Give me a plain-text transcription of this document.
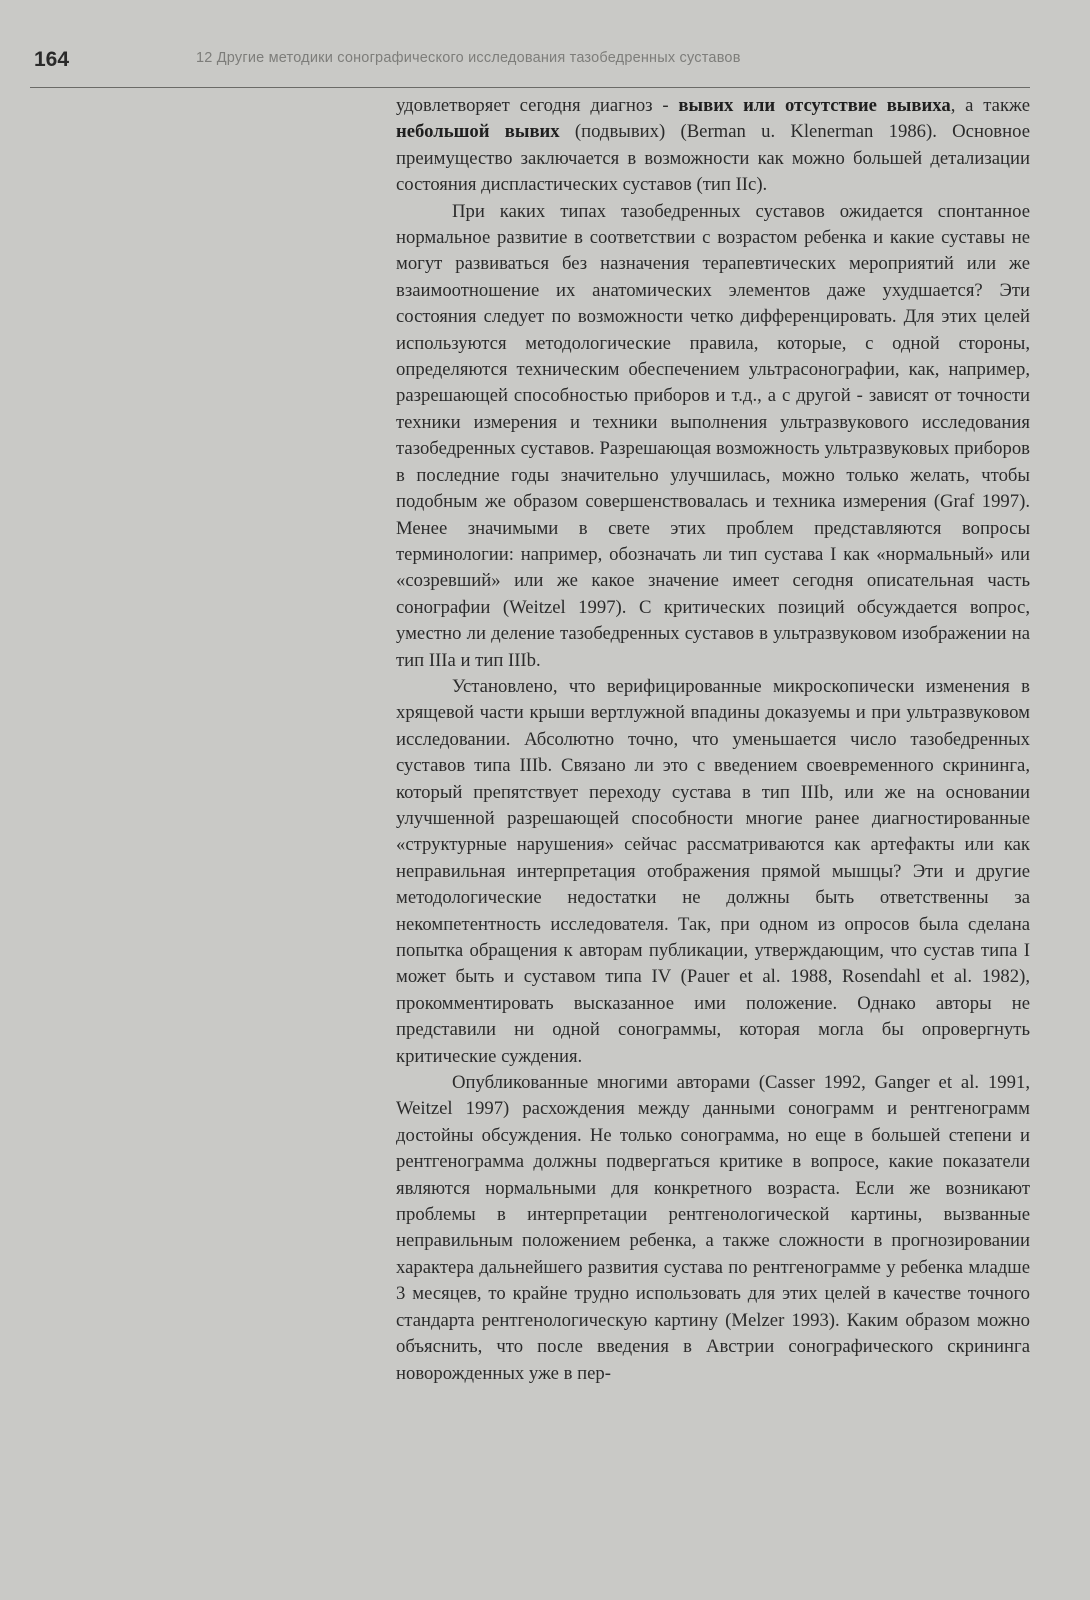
164	12 Другие методики сонографического исследования тазобедренных суставов

удовлетворяет сегодня диагноз - вывих или отсутствие вывиха, а также небольшой вывих (подвывих) (Berman u. Klenerman 1986). Основное преимущество заключается в возможности как можно большей детализации состояния диспластических суставов (тип IIc).

При каких типах тазобедренных суставов ожидается спонтанное нормальное развитие в соответствии с возрастом ребенка и какие суставы не могут развиваться без назначения терапевтических мероприятий или же взаимоотношение их анатомических элементов даже ухудшается? Эти состояния следует по возможности четко дифференцировать. Для этих целей используются методологические правила, которые, с одной стороны, определяются техническим обеспечением ультрасонографии, как, например, разрешающей способностью приборов и т.д., а с другой - зависят от точности техники измерения и техники выполнения ультразвукового исследования тазобедренных суставов. Разрешающая возможность ультразвуковых приборов в последние годы значительно улучшилась, можно только желать, чтобы подобным же образом совершенствовалась и техника измерения (Graf 1997). Менее значимыми в свете этих проблем представляются вопросы терминологии: например, обозначать ли тип сустава I как «нормальный» или «созревший» или же какое значение имеет сегодня описательная часть сонографии (Weitzel 1997). С критических позиций обсуждается вопрос, уместно ли деление тазобедренных суставов в ультразвуковом изображении на тип IIIa и тип IIIb.

Установлено, что верифицированные микроскопически изменения в хрящевой части крыши вертлужной впадины доказуемы и при ультразвуковом исследовании. Абсолютно точно, что уменьшается число тазобедренных суставов типа IIIb. Связано ли это с введением своевременного скрининга, который препятствует переходу сустава в тип IIIb, или же на основании улучшенной разрешающей способности многие ранее диагностированные «структурные нарушения» сейчас рассматриваются как артефакты или как неправильная интерпретация отображения прямой мышцы? Эти и другие методологические недостатки не должны быть ответственны за некомпетентность исследователя. Так, при одном из опросов была сделана попытка обращения к авторам публикации, утверждающим, что сустав типа I может быть и суставом типа IV (Pauer et al. 1988, Rosendahl et al. 1982), прокомментировать высказанное ими положение. Однако авторы не представили ни одной сонограммы, которая могла бы опровергнуть критические суждения.

Опубликованные многими авторами (Casser 1992, Ganger et al. 1991, Weitzel 1997) расхождения между данными сонограмм и рентгенограмм достойны обсуждения. Не только сонограмма, но еще в большей степени и рентгенограмма должны подвергаться критике в вопросе, какие показатели являются нормальными для конкретного возраста. Если же возникают проблемы в интерпретации рентгенологической картины, вызванные неправильным положением ребенка, а также сложности в прогнозировании характера дальнейшего развития сустава по рентгенограмме у ребенка младше 3 месяцев, то крайне трудно использовать для этих целей в качестве точного стандарта рентгенологическую картину (Melzer 1993). Каким образом можно объяснить, что после введения в Австрии сонографического скрининга новорожденных уже в пер-
